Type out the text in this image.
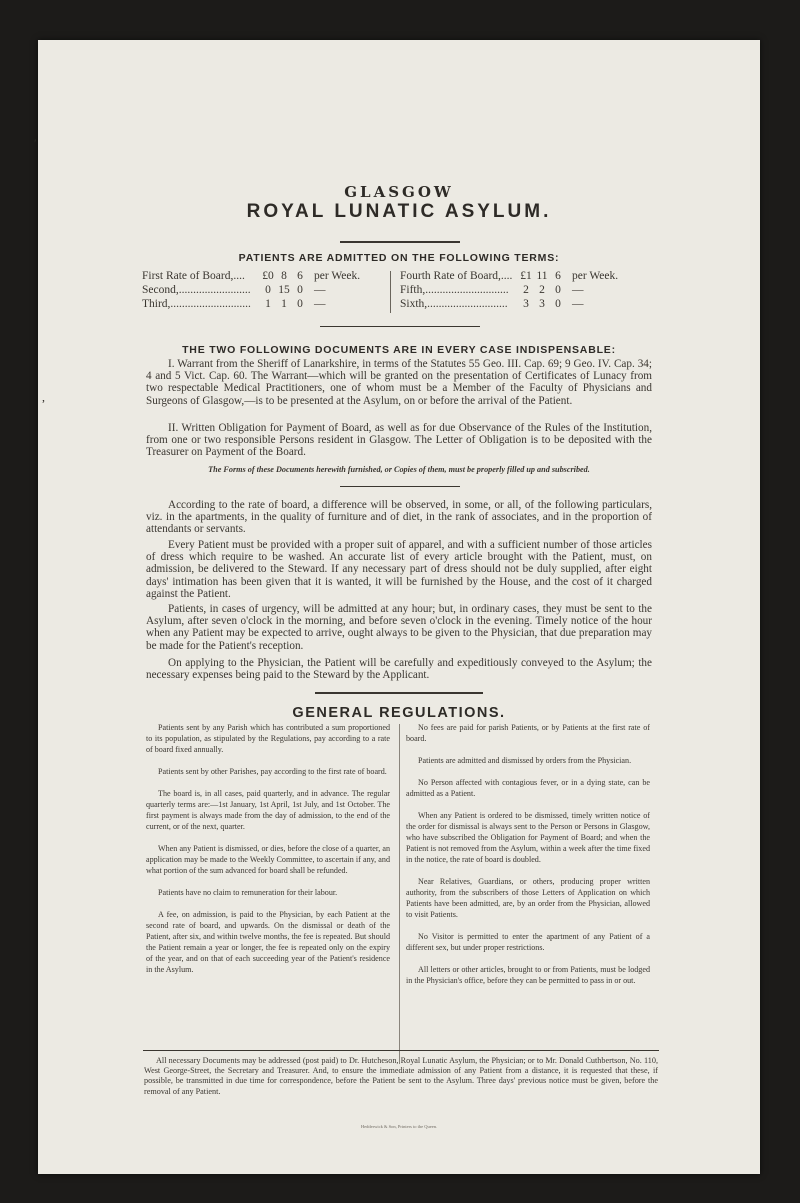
GLASGOW
ROYAL LUNATIC ASYLUM.
PATIENTS ARE ADMITTED ON THE FOLLOWING TERMS:
First Rate of Board,....	£0 8 6 per Week.
Second,.........................	0 15 0 —
Third,............................	1 1 0 —
Fourth Rate of Board,.... £1 11 6 per Week.
Fifth,.............................	2 2 0 —
Sixth,............................	3 3 0 —
THE TWO FOLLOWING DOCUMENTS ARE IN EVERY CASE INDISPENSABLE:

I. Warrant from the Sheriff of Lanarkshire, in terms of the Statutes 55 Geo. III. Cap. 69; 9 Geo. IV. Cap. 34; 4 and 5 Vict. Cap. 60. The Warrant—which will be granted on the presentation of Certificates of Lunacy from two respectable Medical Practitioners, one of whom must be a Member of the Faculty of Physicians and Surgeons of Glasgow,—is to be presented at the Asylum, on or before the arrival of the Patient.

II. Written Obligation for Payment of Board, as well as for due Observance of the Rules of the Institution, from one or two responsible Persons resident in Glasgow. The Letter of Obligation is to be deposited with the Treasurer on Payment of the Board.

The Forms of these Documents herewith furnished, or Copies of them, must be properly filled up and subscribed.

According to the rate of board, a difference will be observed, in some, or all, of the following particulars, viz. in the apartments, in the quality of furniture and of diet, in the rank of associates, and in the proportion of attendants or servants.

Every Patient must be provided with a proper suit of apparel, and with a sufficient number of those articles of dress which require to be washed. An accurate list of every article brought with the Patient, must, on admission, be delivered to the Steward. If any necessary part of dress should not be duly supplied, after eight days' intimation has been given that it is wanted, it will be furnished by the House, and the cost of it charged against the Patient.

Patients, in cases of urgency, will be admitted at any hour; but, in ordinary cases, they must be sent to the Asylum, after seven o'clock in the morning, and before seven o'clock in the evening. Timely notice of the hour when any Patient may be expected to arrive, ought always to be given to the Physician, that due preparation may be made for the Patient's reception.

On applying to the Physician, the Patient will be carefully and expeditiously conveyed to the Asylum; the necessary expenses being paid to the Steward by the Applicant.

GENERAL REGULATIONS.

Patients sent by any Parish which has contributed a sum proportioned to its population, as stipulated by the Regulations, pay according to a rate of board fixed annually.

Patients sent by other Parishes, pay according to the first rate of board.

The board is, in all cases, paid quarterly, and in advance. The regular quarterly terms are:—1st January, 1st April, 1st July, and 1st October. The first payment is always made from the day of admission, to the end of the current, or of the next, quarter.

When any Patient is dismissed, or dies, before the close of a quarter, an application may be made to the Weekly Committee, to ascertain if any, and what portion of the sum advanced for board shall be refunded.

Patients have no claim to remuneration for their labour.

A fee, on admission, is paid to the Physician, by each Patient at the second rate of board, and upwards. On the dismissal or death of the Patient, after six, and within twelve months, the fee is repeated. But should the Patient remain a year or longer, the fee is repeated only on the expiry of the year, and on that of each succeeding year of the Patient's residence in the Asylum.

No fees are paid for parish Patients, or by Patients at the first rate of board.

Patients are admitted and dismissed by orders from the Physician.

No Person affected with contagious fever, or in a dying state, can be admitted as a Patient.

When any Patient is ordered to be dismissed, timely written notice of the order for dismissal is always sent to the Person or Persons in Glasgow, who have subscribed the Obligation for Payment of Board; and when the Patient is not removed from the Asylum, within a week after the time fixed in the notice, the rate of board is doubled.

Near Relatives, Guardians, or others, producing proper written authority, from the subscribers of those Letters of Application on which Patients have been admitted, are, by an order from the Physician, allowed to visit Patients.

No Visitor is permitted to enter the apartment of any Patient of a different sex, but under proper restrictions.

All letters or other articles, brought to or from Patients, must be lodged in the Physician's office, before they can be permitted to pass in or out.

All necessary Documents may be addressed (post paid) to Dr. Hutcheson, Royal Lunatic Asylum, the Physician; or to Mr. Donald Cuthbertson, No. 110, West George-Street, the Secretary and Treasurer. And, to ensure the immediate admission of any Patient from a distance, it is requested that these, if possible, be transmitted in due time for correspondence, before the Patient be sent to the Asylum. Three days' previous notice must be given, before the removal of any Patient.

Hedderwick & Son, Printers to the Queen.
′
,
